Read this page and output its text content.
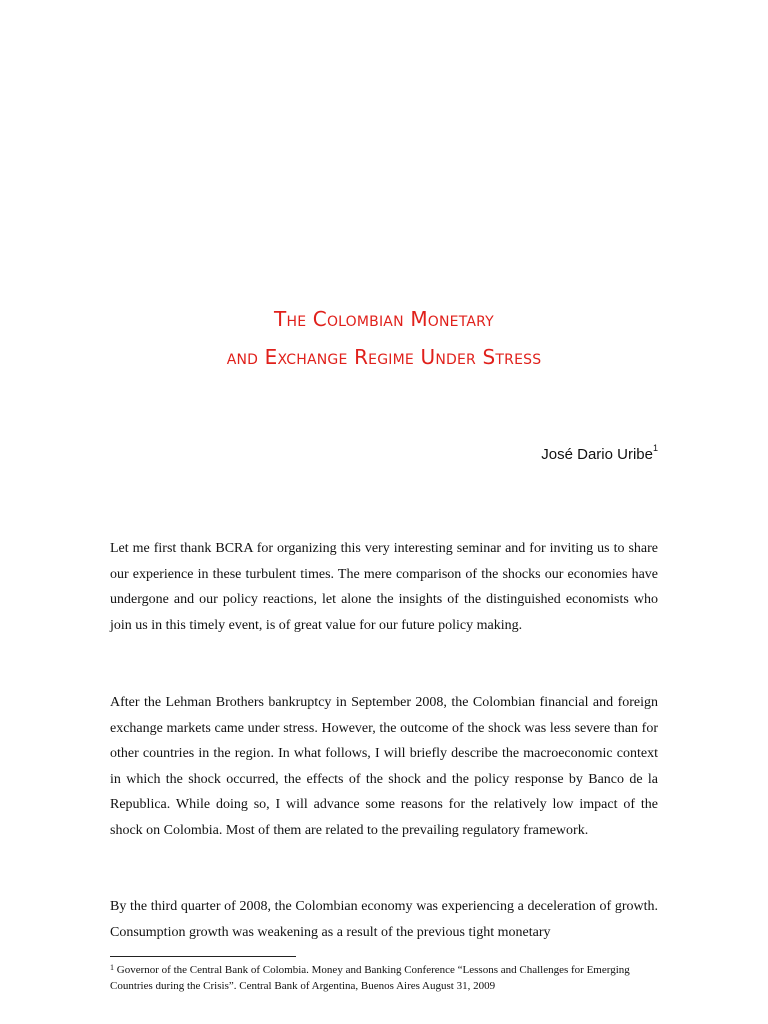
The Colombian Monetary
and Exchange Regime Under Stress
José Dario Uribe$^1$

Let me first thank BCRA for organizing this very interesting seminar and for inviting us to share our experience in these turbulent times. The mere comparison of the shocks our economies have undergone and our policy reactions, let alone the insights of the distinguished economists who join us in this timely event, is of great value for our future policy making.

After the Lehman Brothers bankruptcy in September 2008, the Colombian financial and foreign exchange markets came under stress. However, the outcome of the shock was less severe than for other countries in the region. In what follows, I will briefly describe the macroeconomic context in which the shock occurred, the effects of the shock and the policy response by Banco de la Republica. While doing so, I will advance some reasons for the relatively low impact of the shock on Colombia. Most of them are related to the prevailing regulatory framework.

By the third quarter of 2008, the Colombian economy was experiencing a deceleration of growth. Consumption growth was weakening as a result of the previous tight monetary

$^1$ Governor of the Central Bank of Colombia. Money and Banking Conference “Lessons and Challenges for Emerging Countries during the Crisis”. Central Bank of Argentina, Buenos Aires August 31, 2009
